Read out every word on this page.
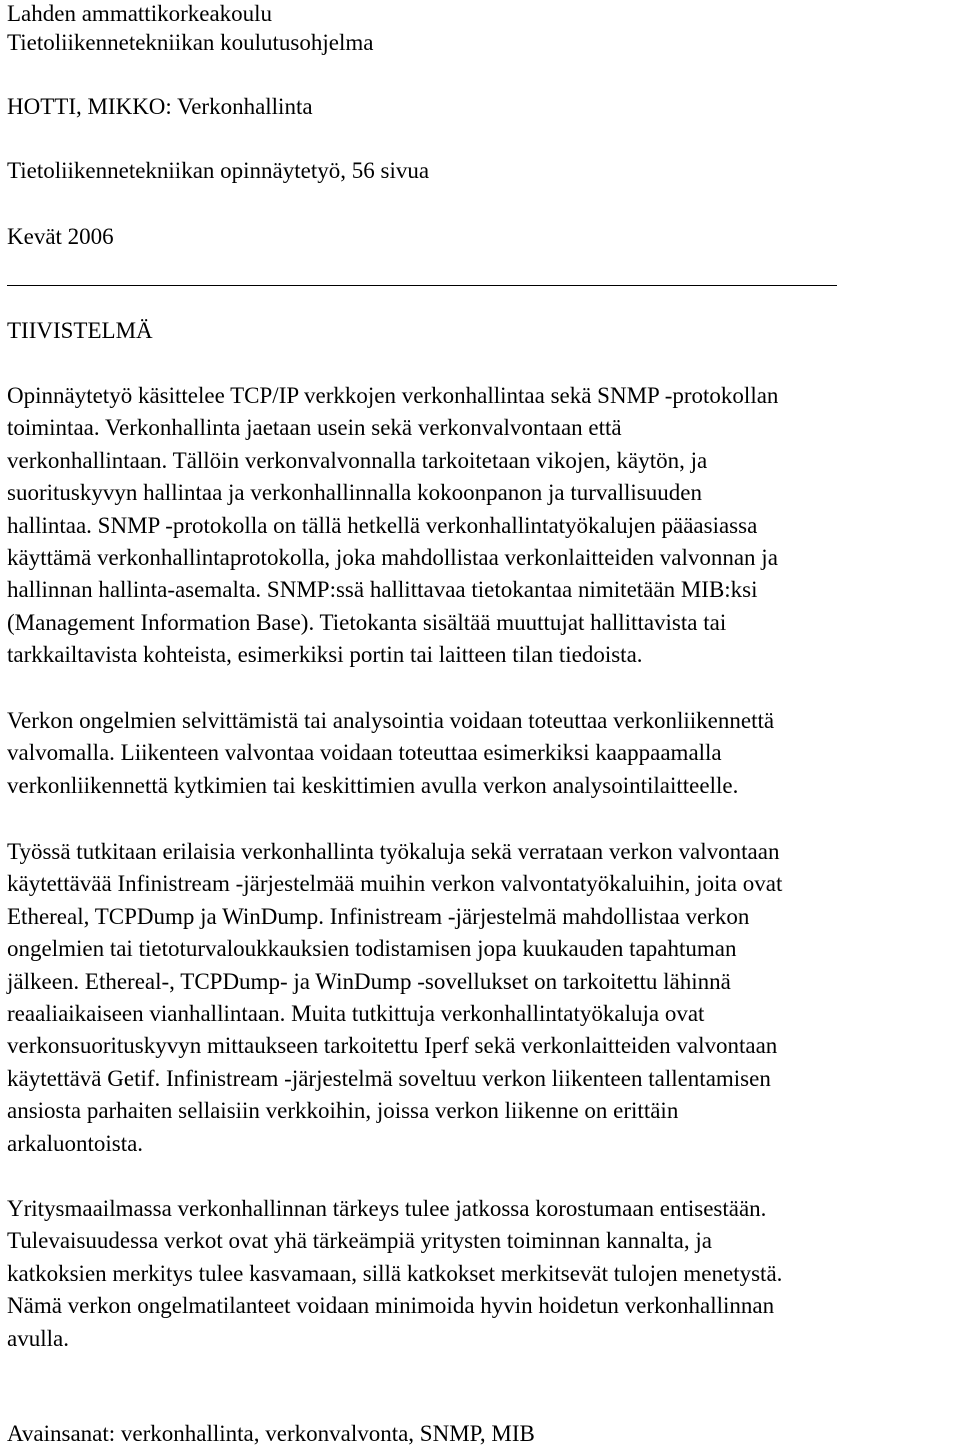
Lahden ammattikorkeakoulu
Tietoliikennetekniikan koulutusohjelma
HOTTI, MIKKO: Verkonhallinta
Tietoliikennetekniikan opinnäytetyö, 56 sivua
Kevät 2006
TIIVISTELMÄ
Opinnäytetyö käsittelee TCP/IP verkkojen verkonhallintaa sekä SNMP -protokollan
toimintaa. Verkonhallinta jaetaan usein sekä verkonvalvontaan että
verkonhallintaan. Tällöin verkonvalvonnalla tarkoitetaan vikojen, käytön, ja
suorituskyvyn hallintaa ja verkonhallinnalla kokoonpanon ja turvallisuuden
hallintaa. SNMP -protokolla on tällä hetkellä verkonhallintatyökalujen pääasiassa
käyttämä verkonhallintaprotokolla, joka mahdollistaa verkonlaitteiden valvonnan ja
hallinnan hallinta-asemalta. SNMP:ssä hallittavaa tietokantaa nimitetään MIB:ksi
(Management Information Base). Tietokanta sisältää muuttujat hallittavista tai
tarkkailtavista kohteista, esimerkiksi portin tai laitteen tilan tiedoista.
Verkon ongelmien selvittämistä tai analysointia voidaan toteuttaa verkonliikennettä
valvomalla. Liikenteen valvontaa voidaan toteuttaa esimerkiksi kaappaamalla
verkonliikennettä kytkimien tai keskittimien avulla verkon analysointilaitteelle.
Työssä tutkitaan erilaisia verkonhallinta työkaluja sekä verrataan verkon valvontaan
käytettävää Infinistream -järjestelmää muihin verkon valvontatyökaluihin, joita ovat
Ethereal, TCPDump ja WinDump. Infinistream -järjestelmä mahdollistaa verkon
ongelmien tai tietoturvaloukkauksien todistamisen jopa kuukauden tapahtuman
jälkeen. Ethereal-, TCPDump- ja WinDump -sovellukset on tarkoitettu lähinnä
reaaliaikaiseen vianhallintaan. Muita tutkittuja verkonhallintatyökaluja ovat
verkonsuorituskyvyn mittaukseen tarkoitettu Iperf sekä verkonlaitteiden valvontaan
käytettävä Getif. Infinistream -järjestelmä soveltuu verkon liikenteen tallentamisen
ansiosta parhaiten sellaisiin verkkoihin, joissa verkon liikenne on erittäin
arkaluontoista.
Yritysmaailmassa verkonhallinnan tärkeys tulee jatkossa korostumaan entisestään.
Tulevaisuudessa verkot ovat yhä tärkeämpiä yritysten toiminnan kannalta, ja
katkoksien merkitys tulee kasvamaan, sillä katkokset merkitsevät tulojen menetystä.
Nämä verkon ongelmatilanteet voidaan minimoida hyvin hoidetun verkonhallinnan
avulla.
Avainsanat: verkonhallinta, verkonvalvonta, SNMP, MIB
